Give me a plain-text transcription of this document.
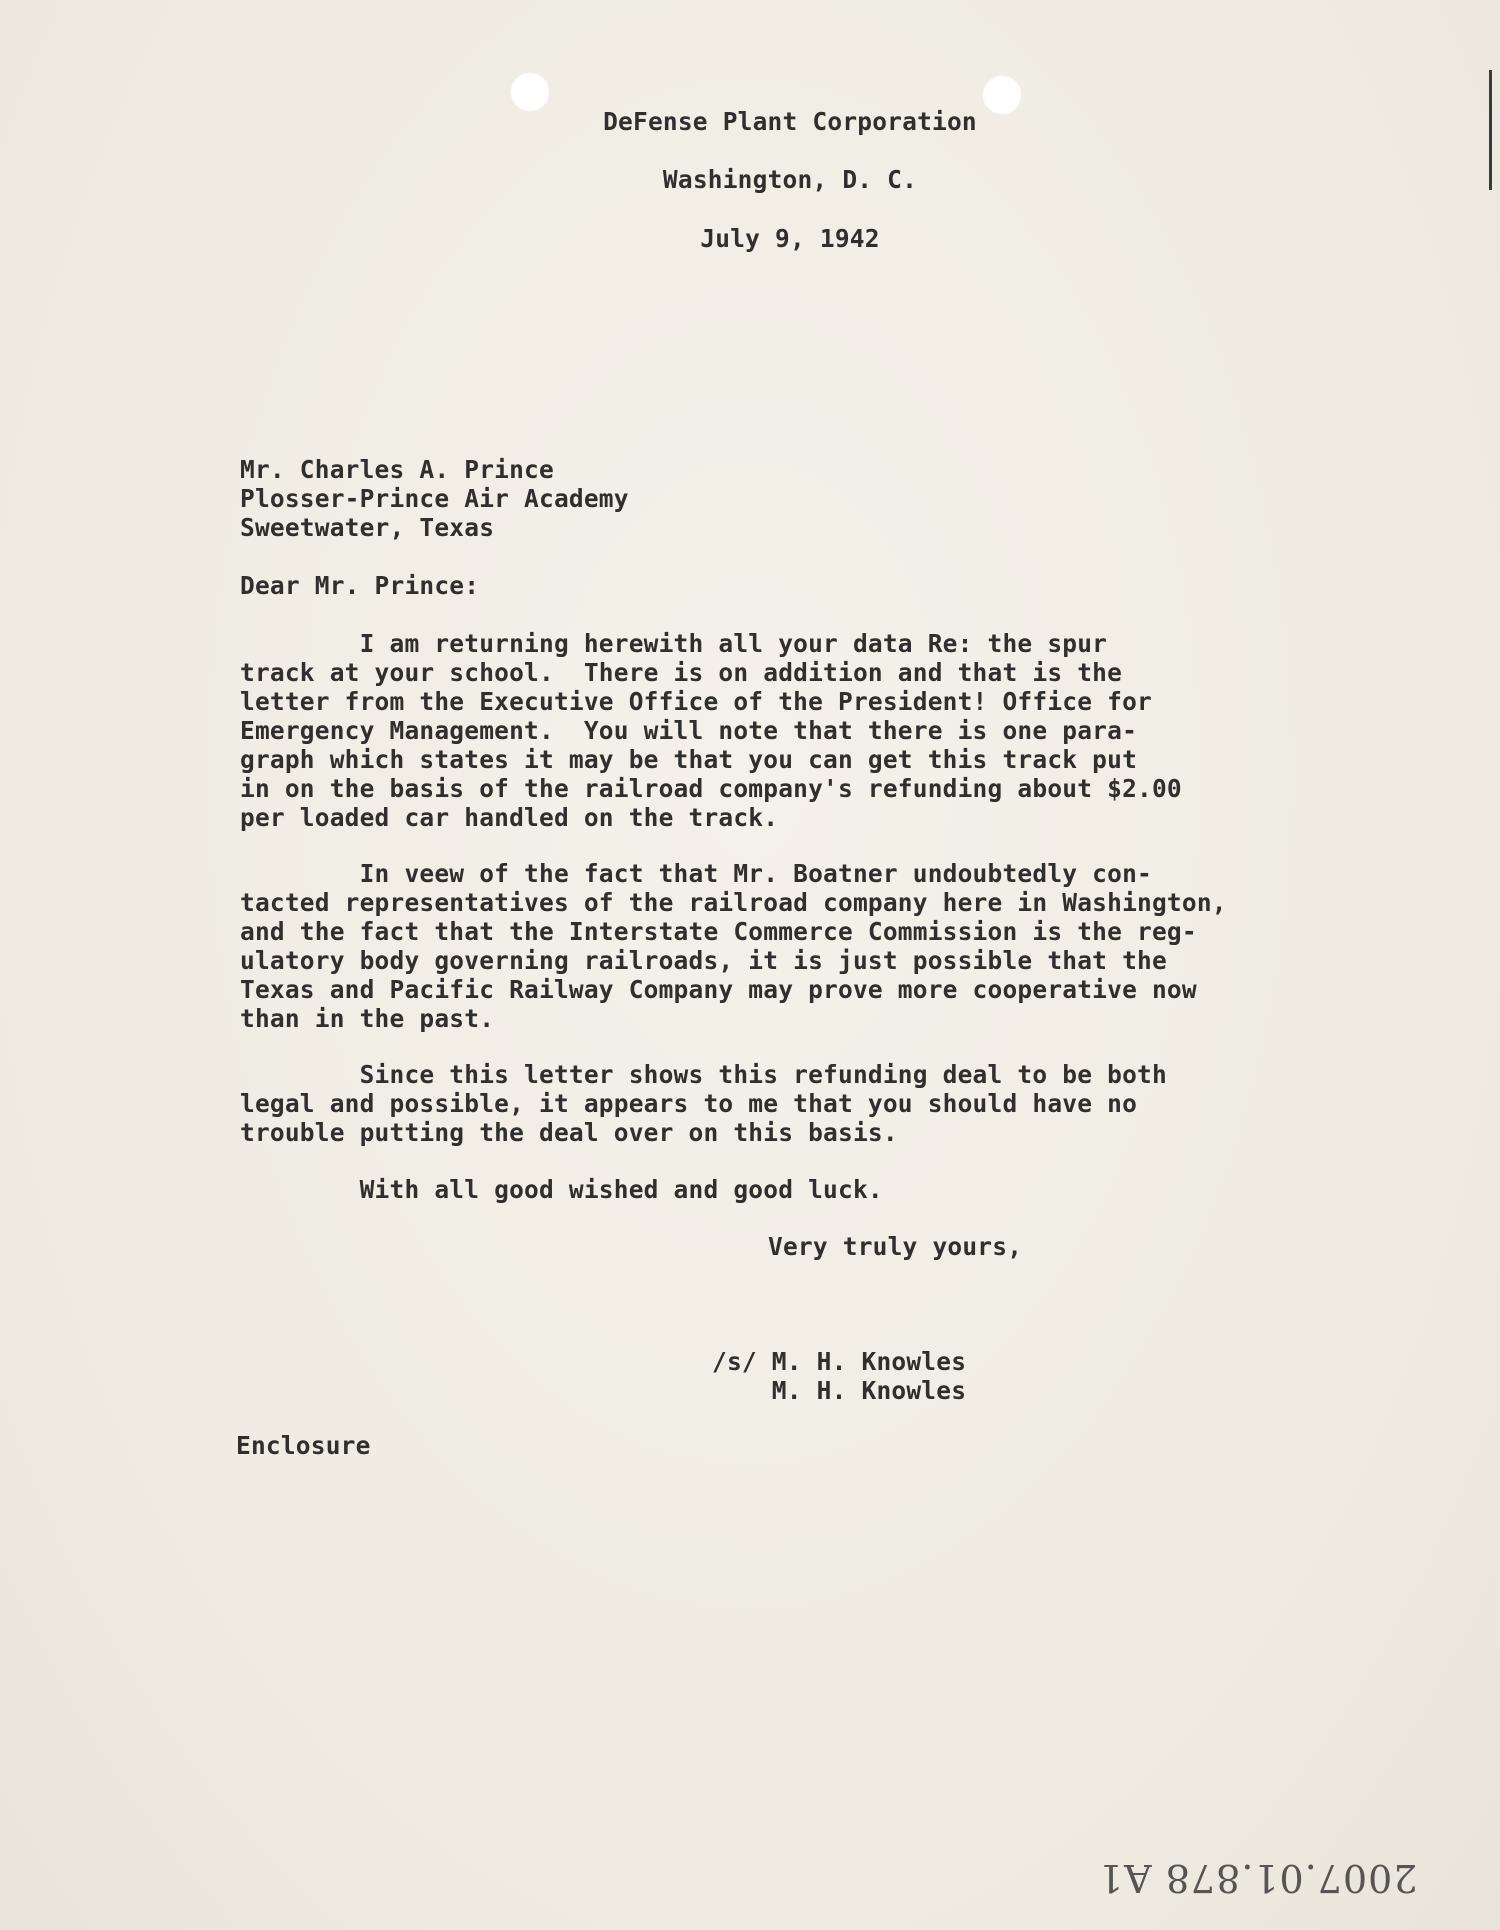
DeFense Plant Corporation
Washington, D. C.
July 9, 1942
Mr. Charles A. Prince
Plosser-Prince Air Academy
Sweetwater, Texas
Dear Mr. Prince:
I am returning herewith all your data Re: the spur
track at your school.  There is on addition and that is the
letter from the Executive Office of the President! Office for
Emergency Management.  You will note that there is one para-
graph which states it may be that you can get this track put
in on the basis of the railroad company's refunding about $2.00
per loaded car handled on the track.
In veew of the fact that Mr. Boatner undoubtedly con-
tacted representatives of the railroad company here in Washington,
and the fact that the Interstate Commerce Commission is the reg-
ulatory body governing railroads, it is just possible that the
Texas and Pacific Railway Company may prove more cooperative now
than in the past.
Since this letter shows this refunding deal to be both
legal and possible, it appears to me that you should have no
trouble putting the deal over on this basis.
With all good wished and good luck.
Very truly yours,
/s/ M. H. Knowles
M. H. Knowles
Enclosure
2007.01.878 A1
